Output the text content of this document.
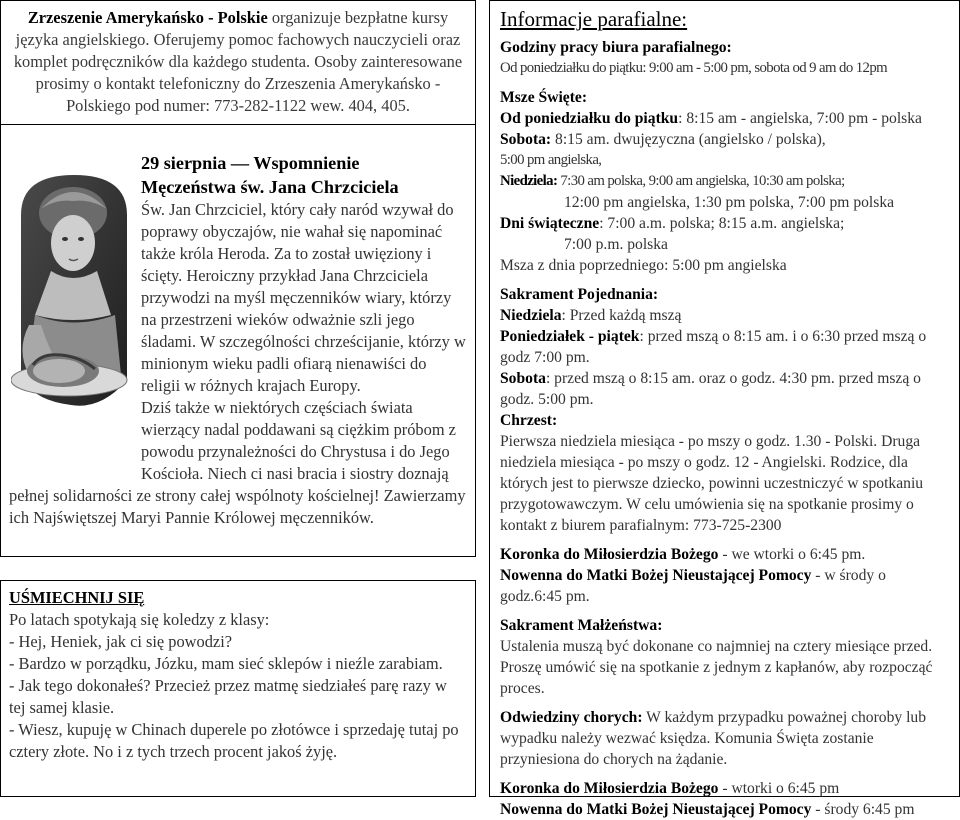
Zrzeszenie Amerykańsko - Polskie organizuje bezpłatne kursy języka angielskiego. Oferujemy pomoc fachowych nauczycieli oraz komplet podręczników dla każdego studenta. Osoby zainteresowane prosimy o kontakt telefoniczny do Zrzeszenia Amerykańsko - Polskiego pod numer: 773-282-1122 wew. 404, 405.
29 sierpnia — Wspomnienie
Męczeństwa św. Jana Chrzciciela

Św. Jan Chrzciciel, który cały naród wzywał do poprawy obyczajów, nie wahał się napominać także króla Heroda. Za to został uwięziony i ścięty. Heroiczny przykład Jana Chrzciciela przywodzi na myśl męczenników wiary, którzy na przestrzeni wieków odważnie szli jego śladami. W szczególności chrześcijanie, którzy w minionym wieku padli ofiarą nienawiści do religii w różnych krajach Europy.

Dziś także w niektórych częściach świata wierzący nadal poddawani są ciężkim próbom z powodu przynależności do Chrystusa i do Jego Kościoła. Niech ci nasi bracia i siostry doznają pełnej solidarności ze strony całej wspólnoty kościelnej! Zawierzamy ich Najświętszej Maryi Pannie Królowej męczenników.

UŚMIECHNIJ SIĘ

Po latach spotykają się koledzy z klasy:

- Hej, Heniek, jak ci się powodzi?

- Bardzo w porządku, Józku, mam sieć sklepów i nieźle zarabiam.

- Jak tego dokonałeś? Przecież przez matmę siedziałeś parę razy w tej samej klasie.

- Wiesz, kupuję w Chinach duperele po złotówce i sprzedaję tutaj po cztery złote. No i z tych trzech procent jakoś żyję.

Informacje parafialne:

Godziny pracy biura parafialnego:

Od poniedziałku do piątku: 9:00 am - 5:00 pm, sobota od 9 am do 12pm

Msze Święte:

Od poniedziałku do piątku: 8:15 am - angielska, 7:00 pm - polska

Sobota: 8:15 am. dwujęzyczna (angielsko / polska),

5:00 pm angielska,

Niedziela: 7:30 am polska, 9:00 am angielska, 10:30 am polska;

12:00 pm angielska, 1:30 pm polska, 7:00 pm polska

Dni świąteczne: 7:00 a.m. polska; 8:15 a.m. angielska;

7:00 p.m. polska

Msza z dnia poprzedniego: 5:00 pm angielska

Sakrament Pojednania:

Niedziela: Przed każdą mszą

Poniedziałek - piątek: przed mszą o 8:15 am. i o 6:30 przed mszą o godz 7:00 pm.

Sobota: przed mszą o 8:15 am. oraz o godz. 4:30 pm. przed mszą o godz. 5:00 pm.

Chrzest:

Pierwsza niedziela miesiąca - po mszy o godz. 1.30 - Polski. Druga niedziela miesiąca - po mszy o godz. 12 - Angielski. Rodzice, dla których jest to pierwsze dziecko, powinni uczestniczyć w spotkaniu przygotowawczym. W celu umówienia się na spotkanie prosimy o kontakt z biurem parafialnym: 773-725-2300

Koronka do Miłosierdzia Bożego - we wtorki o 6:45 pm.

Nowenna do Matki Bożej Nieustającej Pomocy - w środy o godz.6:45 pm.

Sakrament Małżeństwa:

Ustalenia muszą być dokonane co najmniej na cztery miesiące przed. Proszę umówić się na spotkanie z jednym z kapłanów, aby rozpocząć proces.

Odwiedziny chorych: W każdym przypadku poważnej choroby lub wypadku należy wezwać księdza. Komunia Święta zostanie przyniesiona do chorych na żądanie.

Koronka do Miłosierdzia Bożego - wtorki o 6:45 pm

Nowenna do Matki Bożej Nieustającej Pomocy - środy 6:45 pm
